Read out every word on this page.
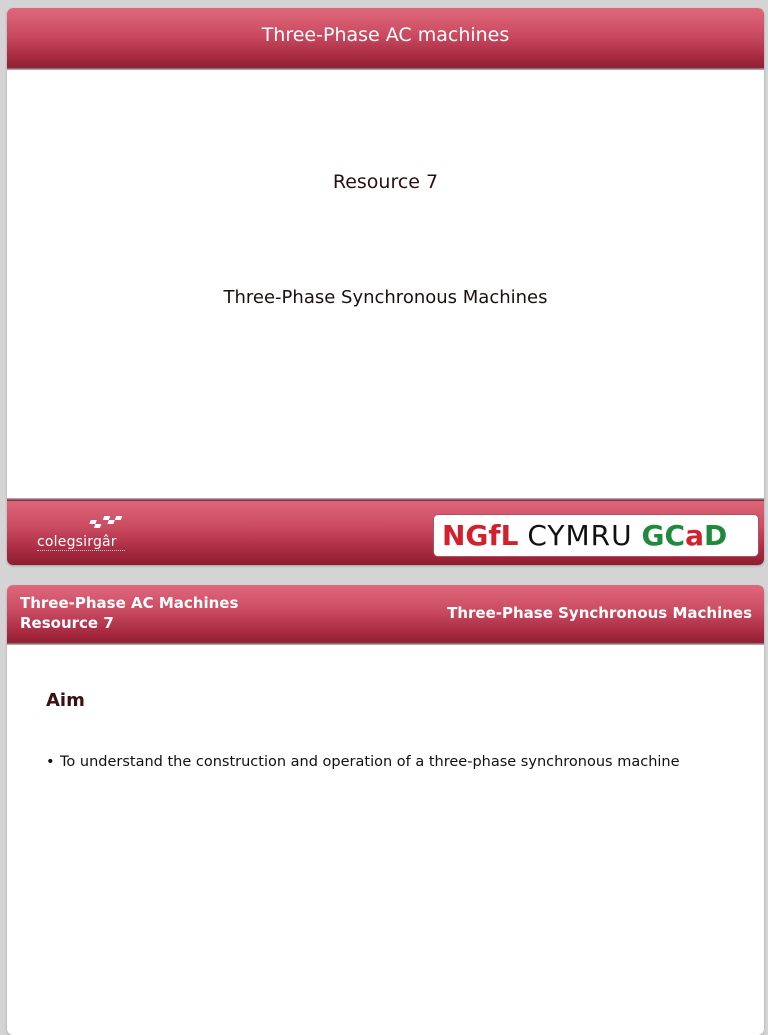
Three-Phase AC machines
Resource 7
Three-Phase Synchronous Machines
colegsirgâr	NGfL CYMRU GCaD
Three-Phase AC Machines
Resource 7
Three-Phase Synchronous Machines
Aim
• To understand the construction and operation of a three-phase synchronous machine
